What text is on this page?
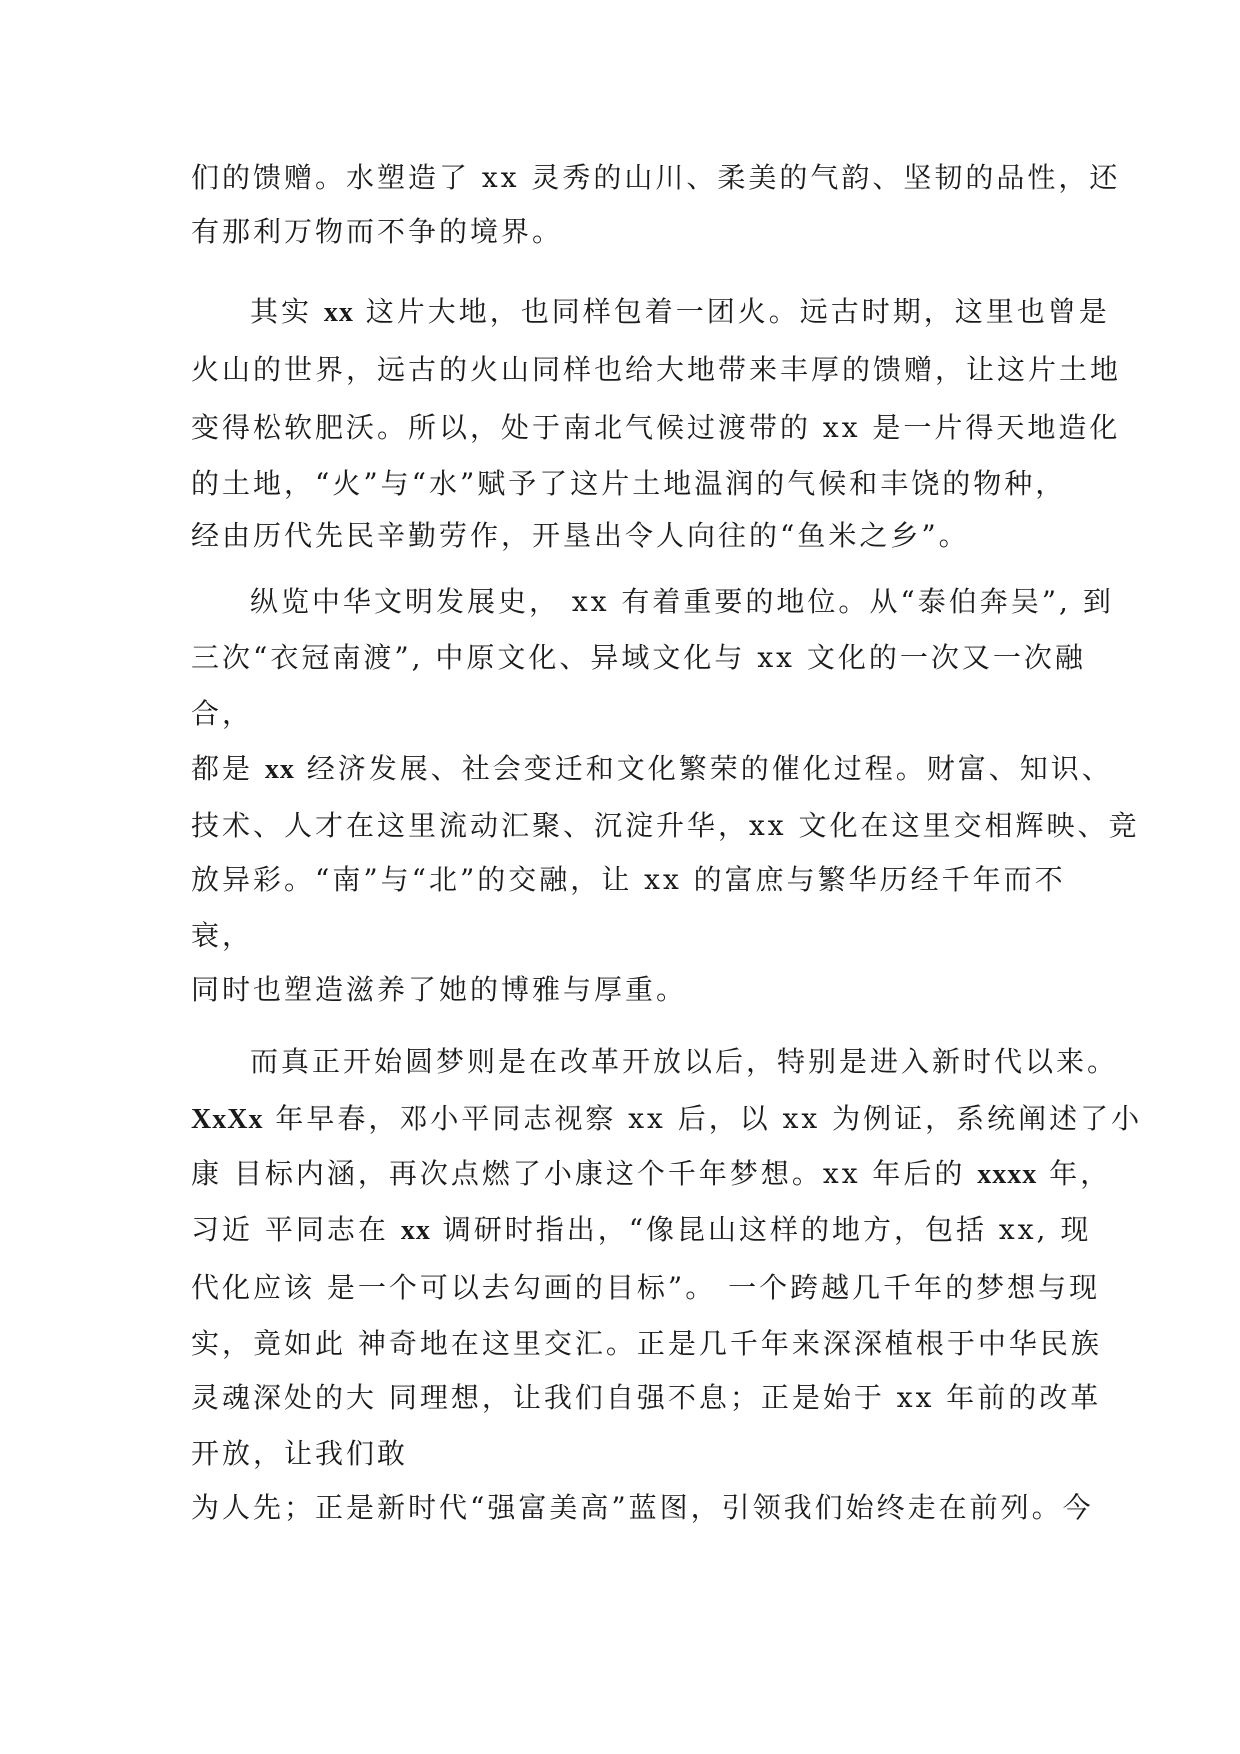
们的馈赠。水塑造了 xx 灵秀的山川、柔美的气韵、坚韧的品性，还
有那利万物而不争的境界。
其实 xx 这片大地，也同样包着一团火。远古时期，这里也曾是
火山的世界，远古的火山同样也给大地带来丰厚的馈赠，让这片土地
变得松软肥沃。所以，处于南北气候过渡带的 xx 是一片得天地造化
的土地，“火”与“水”赋予了这片土地温润的气候和丰饶的物种，
经由历代先民辛勤劳作，开垦出令人向往的“鱼米之乡”。
纵览中华文明发展史， xx 有着重要的地位。从“泰伯奔吴”, 到
三次“衣冠南渡”, 中原文化、异域文化与 xx 文化的一次又一次融
合，
都是 xx 经济发展、社会变迁和文化繁荣的催化过程。财富、知识、
技术、人才在这里流动汇聚、沉淀升华，xx 文化在这里交相辉映、竞
放异彩。“南”与“北”的交融，让 xx 的富庶与繁华历经千年而不
衰，
同时也塑造滋养了她的博雅与厚重。
而真正开始圆梦则是在改革开放以后，特别是进入新时代以来。
XxXx 年早春，邓小平同志视察 xx 后，以 xx 为例证，系统阐述了小
康 目标内涵，再次点燃了小康这个千年梦想。xx 年后的 xxxx 年，
习近 平同志在 xx 调研时指出，“像昆山这样的地方，包括 xx, 现
代化应该 是一个可以去勾画的目标”。 一个跨越几千年的梦想与现
实，竟如此 神奇地在这里交汇。正是几千年来深深植根于中华民族
灵魂深处的大 同理想，让我们自强不息；正是始于 xx 年前的改革
开放，让我们敢
为人先；正是新时代“强富美高”蓝图，引领我们始终走在前列。今
